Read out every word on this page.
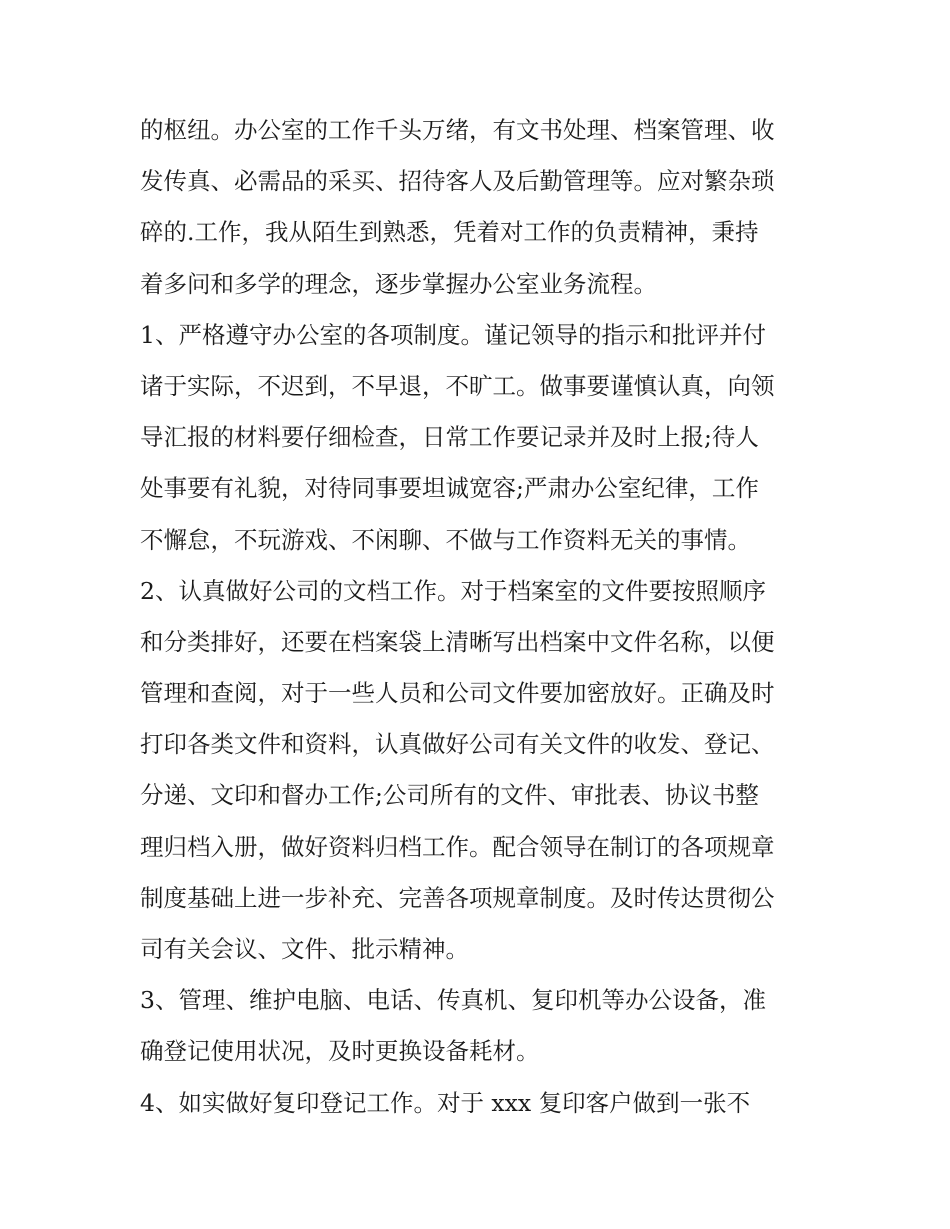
的枢纽。办公室的工作千头万绪，有文书处理、档案管理、收
发传真、必需品的采买、招待客人及后勤管理等。应对繁杂琐
碎的.工作，我从陌生到熟悉，凭着对工作的负责精神，秉持
着多问和多学的理念，逐步掌握办公室业务流程。
1、严格遵守办公室的各项制度。谨记领导的指示和批评并付
诸于实际，不迟到，不早退，不旷工。做事要谨慎认真，向领
导汇报的材料要仔细检查，日常工作要记录并及时上报;待人
处事要有礼貌，对待同事要坦诚宽容;严肃办公室纪律，工作
不懈怠，不玩游戏、不闲聊、不做与工作资料无关的事情。
2、认真做好公司的文档工作。对于档案室的文件要按照顺序
和分类排好，还要在档案袋上清晰写出档案中文件名称，以便
管理和查阅，对于一些人员和公司文件要加密放好。正确及时
打印各类文件和资料，认真做好公司有关文件的收发、登记、
分递、文印和督办工作;公司所有的文件、审批表、协议书整
理归档入册，做好资料归档工作。配合领导在制订的各项规章
制度基础上进一步补充、完善各项规章制度。及时传达贯彻公
司有关会议、文件、批示精神。
3、管理、维护电脑、电话、传真机、复印机等办公设备，准
确登记使用状况，及时更换设备耗材。
4、如实做好复印登记工作。对于 xxx 复印客户做到一张不
